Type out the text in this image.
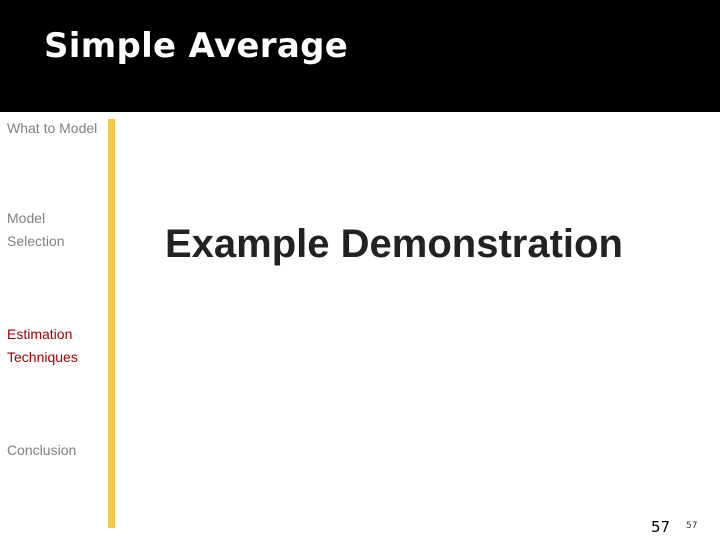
Simple Average
What to Model
Model
Selection
Estimation
Techniques
Conclusion
Example Demonstration
57 57
